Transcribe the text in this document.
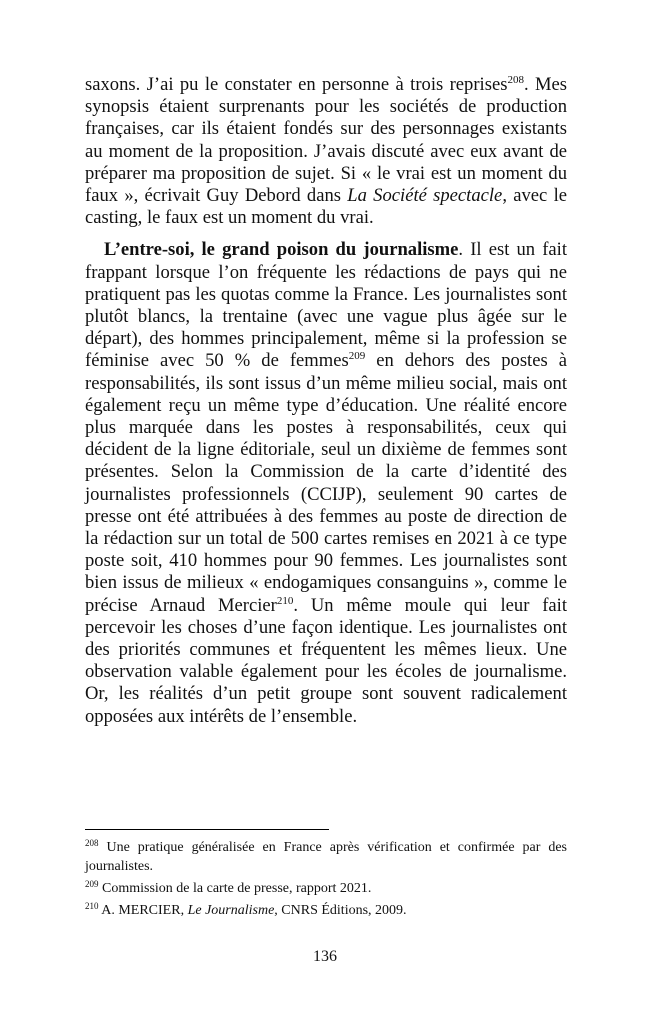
saxons. J’ai pu le constater en personne à trois reprises$^{208}$. Mes synopsis étaient surprenants pour les sociétés de production françaises, car ils étaient fondés sur des personnages existants au moment de la proposition. J’avais discuté avec eux avant de préparer ma proposition de sujet. Si « le vrai est un moment du faux », écrivait Guy Debord dans La Société spectacle, avec le casting, le faux est un moment du vrai.

L’entre-soi, le grand poison du journalisme. Il est un fait frappant lorsque l’on fréquente les rédactions de pays qui ne pratiquent pas les quotas comme la France. Les journalistes sont plutôt blancs, la trentaine (avec une vague plus âgée sur le départ), des hommes principalement, même si la profession se féminise avec 50 % de femmes$^{209}$ en dehors des postes à responsabilités, ils sont issus d’un même milieu social, mais ont également reçu un même type d’éducation. Une réalité encore plus marquée dans les postes à responsabilités, ceux qui décident de la ligne éditoriale, seul un dixième de femmes sont présentes. Selon la Commission de la carte d’identité des journalistes professionnels (CCIJP), seulement 90 cartes de presse ont été attribuées à des femmes au poste de direction de la rédaction sur un total de 500 cartes remises en 2021 à ce type poste soit, 410 hommes pour 90 femmes. Les journalistes sont bien issus de milieux « endogamiques consanguins », comme le précise Arnaud Mercier$^{210}$. Un même moule qui leur fait percevoir les choses d’une façon identique. Les journalistes ont des priorités communes et fréquentent les mêmes lieux. Une observation valable également pour les écoles de journalisme. Or, les réalités d’un petit groupe sont souvent radicalement opposées aux intérêts de l’ensemble.

$^{208}$ Une pratique généralisée en France après vérification et confirmée par des journalistes.

$^{209}$ Commission de la carte de presse, rapport 2021.

$^{210}$ A. MERCIER, Le Journalisme, CNRS Éditions, 2009.

136
